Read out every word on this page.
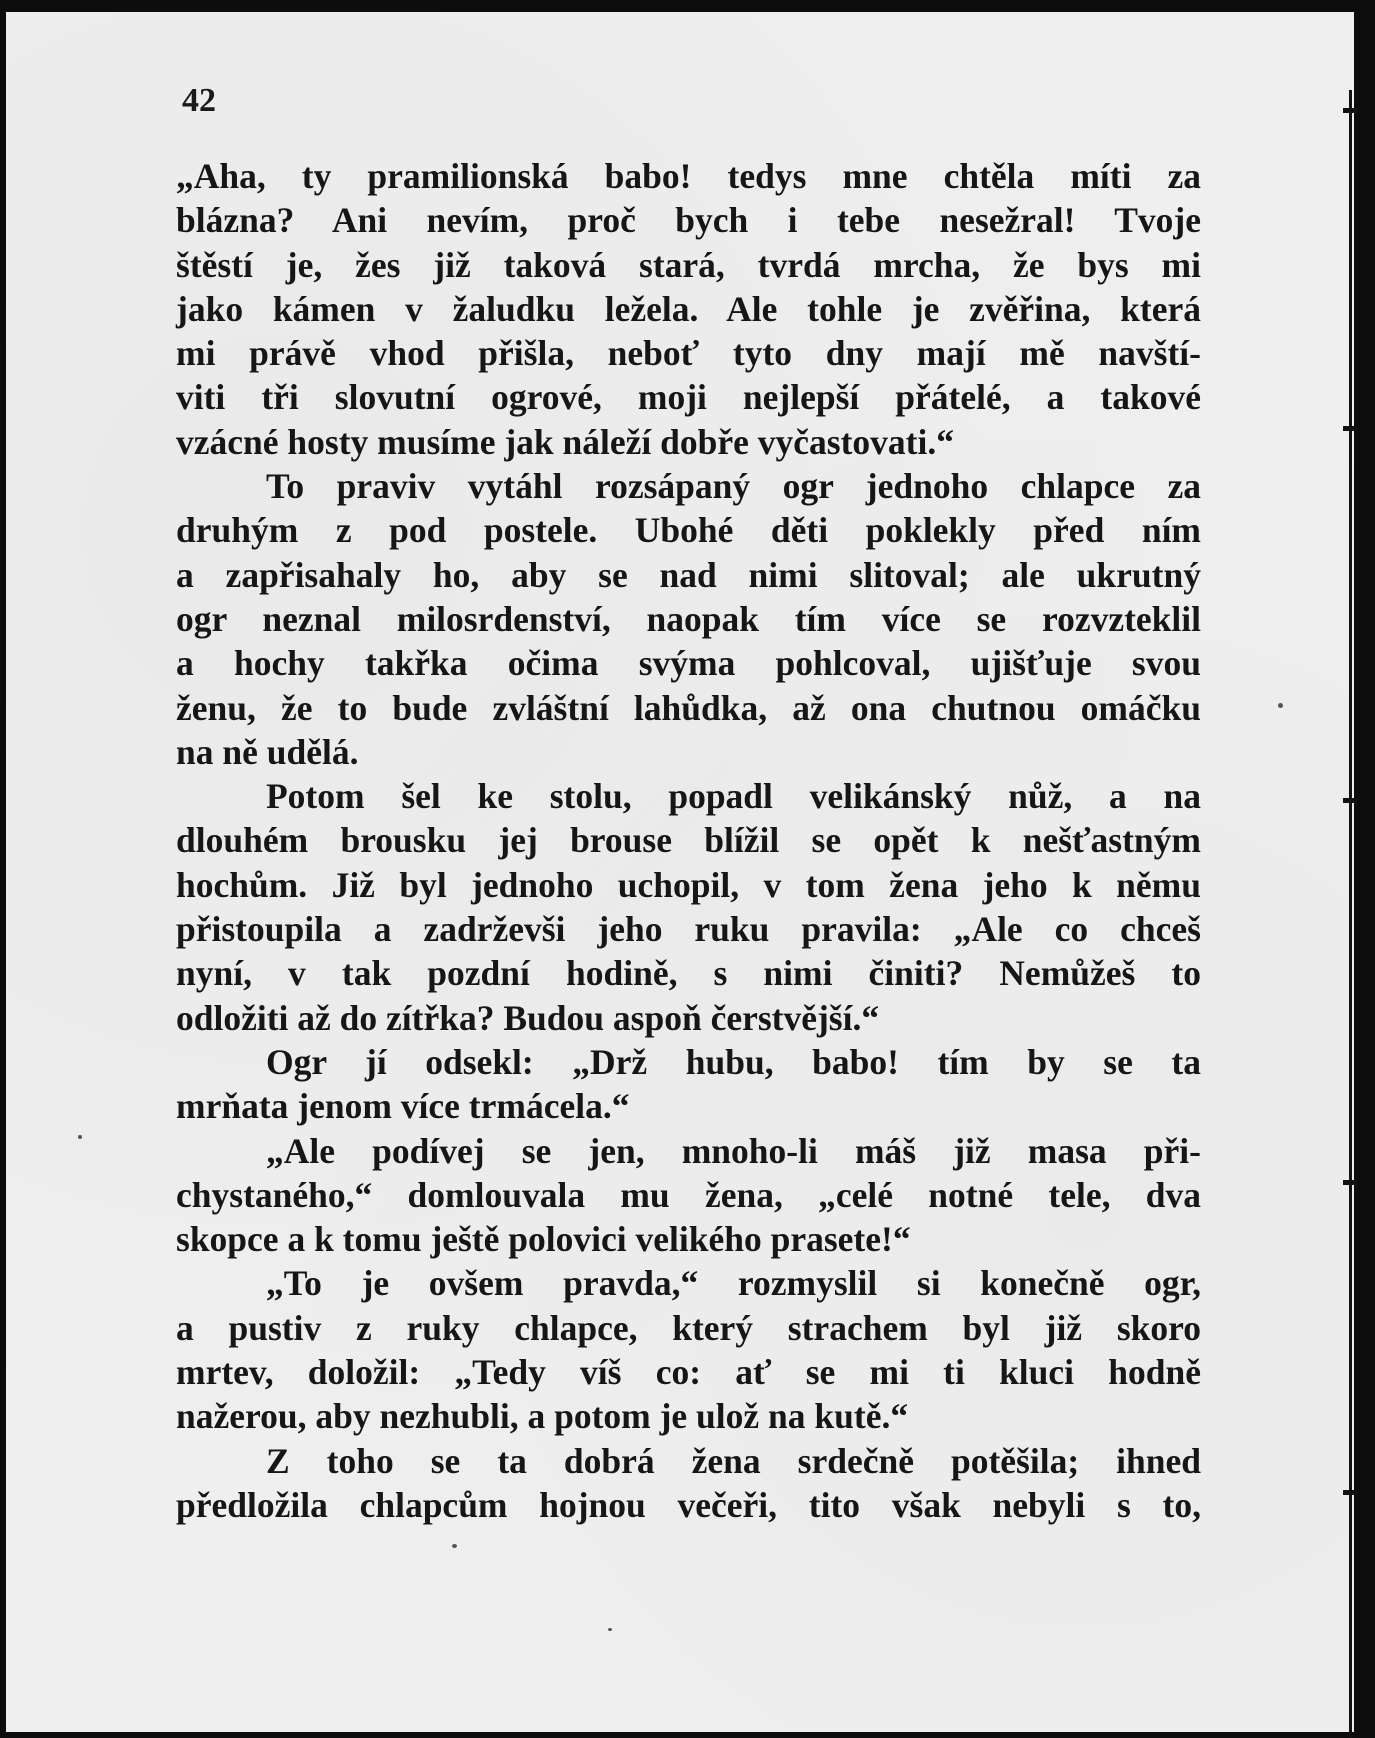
42
„Aha, ty pramilionská babo! tedys mne chtěla míti za
blázna? Ani nevím, proč bych i tebe nesežral! Tvoje
štěstí je, žes již taková stará, tvrdá mrcha, že bys mi
jako kámen v žaludku ležela. Ale tohle je zvěřina, která
mi právě vhod přišla, neboť tyto dny mají mě navští-
viti tři slovutní ogrové, moji nejlepší přátelé, a takové
vzácné hosty musíme jak náleží dobře vyčastovati.“
To praviv vytáhl rozsápaný ogr jednoho chlapce za
druhým z pod postele. Ubohé děti poklekly před ním
a zapřisahaly ho, aby se nad nimi slitoval; ale ukrutný
ogr neznal milosrdenství, naopak tím více se rozvzteklil
a hochy takřka očima svýma pohlcoval, ujišťuje svou
ženu, že to bude zvláštní lahůdka, až ona chutnou omáčku
na ně udělá.
Potom šel ke stolu, popadl velikánský nůž, a na
dlouhém brousku jej brouse blížil se opět k nešťastným
hochům. Již byl jednoho uchopil, v tom žena jeho k němu
přistoupila a zadrževši jeho ruku pravila: „Ale co chceš
nyní, v tak pozdní hodině, s nimi činiti? Nemůžeš to
odložiti až do zítřka? Budou aspoň čerstvější.“
Ogr jí odsekl: „Drž hubu, babo! tím by se ta
mrňata jenom více trmácela.“
„Ale podívej se jen, mnoho-li máš již masa při-
chystaného,“ domlouvala mu žena, „celé notné tele, dva
skopce a k tomu ještě polovici velikého prasete!“
„To je ovšem pravda,“ rozmyslil si konečně ogr,
a pustiv z ruky chlapce, který strachem byl již skoro
mrtev, doložil: „Tedy víš co: ať se mi ti kluci hodně
nažerou, aby nezhubli, a potom je ulož na kutě.“
Z toho se ta dobrá žena srdečně potěšila; ihned
předložila chlapcům hojnou večeři, tito však nebyli s to,
